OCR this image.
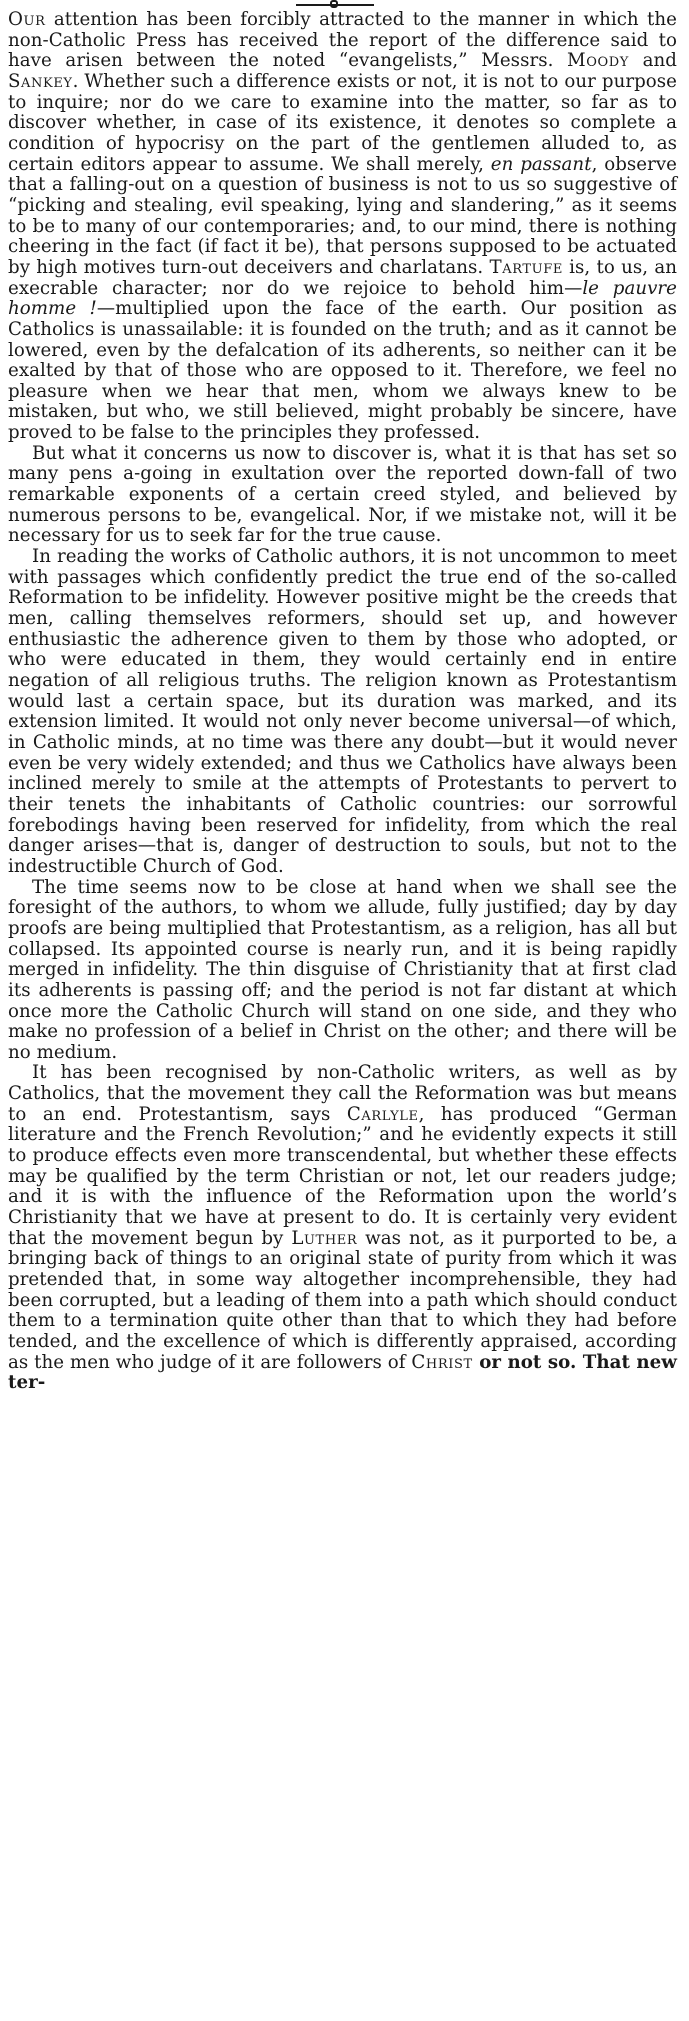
Our attention has been forcibly attracted to the manner in which the non-Catholic Press has received the report of the difference said to have arisen between the noted “evangelists,” Messrs. Moody and Sankey. Whether such a difference exists or not, it is not to our purpose to inquire; nor do we care to examine into the matter, so far as to discover whether, in case of its existence, it denotes so complete a condition of hypocrisy on the part of the gentlemen alluded to, as certain editors appear to assume. We shall merely, en passant, observe that a falling-out on a question of business is not to us so suggestive of “picking and stealing, evil speaking, lying and slandering,” as it seems to be to many of our contemporaries; and, to our mind, there is nothing cheering in the fact (if fact it be), that persons supposed to be actuated by high motives turn-out deceivers and charlatans. Tartufe is, to us, an execrable character; nor do we rejoice to behold him—le pauvre homme !—multiplied upon the face of the earth. Our position as Catholics is unassailable: it is founded on the truth; and as it cannot be lowered, even by the defalcation of its adherents, so neither can it be exalted by that of those who are opposed to it. Therefore, we feel no pleasure when we hear that men, whom we always knew to be mistaken, but who, we still believed, might probably be sincere, have proved to be false to the principles they professed.

But what it concerns us now to discover is, what it is that has set so many pens a-going in exultation over the reported down-fall of two remarkable exponents of a certain creed styled, and believed by numerous persons to be, evangelical. Nor, if we mistake not, will it be necessary for us to seek far for the true cause.

In reading the works of Catholic authors, it is not uncommon to meet with passages which confidently predict the true end of the so-called Reformation to be infidelity. However positive might be the creeds that men, calling themselves reformers, should set up, and however enthusiastic the adherence given to them by those who adopted, or who were educated in them, they would certainly end in entire negation of all religious truths. The religion known as Protestantism would last a certain space, but its duration was marked, and its extension limited. It would not only never become universal—of which, in Catholic minds, at no time was there any doubt—but it would never even be very widely extended; and thus we Catholics have always been inclined merely to smile at the attempts of Protestants to pervert to their tenets the inhabitants of Catholic countries: our sorrowful forebodings having been reserved for infidelity, from which the real danger arises—that is, danger of destruction to souls, but not to the indestructible Church of God.

The time seems now to be close at hand when we shall see the foresight of the authors, to whom we allude, fully justified; day by day proofs are being multiplied that Protestantism, as a religion, has all but collapsed. Its appointed course is nearly run, and it is being rapidly merged in infidelity. The thin disguise of Christianity that at first clad its adherents is passing off; and the period is not far distant at which once more the Catholic Church will stand on one side, and they who make no profession of a belief in Christ on the other; and there will be no medium.

It has been recognised by non-Catholic writers, as well as by Catholics, that the movement they call the Reformation was but means to an end. Protestantism, says Carlyle, has produced “German literature and the French Revolution;” and he evidently expects it still to produce effects even more transcendental, but whether these effects may be qualified by the term Christian or not, let our readers judge; and it is with the influence of the Reformation upon the world’s Christianity that we have at present to do. It is certainly very evident that the movement begun by Luther was not, as it purported to be, a bringing back of things to an original state of purity from which it was pretended that, in some way altogether incomprehensible, they had been corrupted, but a leading of them into a path which should conduct them to a termination quite other than that to which they had before tended, and the excellence of which is differently appraised, according as the men who judge of it are followers of Christ or not so. That new ter-
